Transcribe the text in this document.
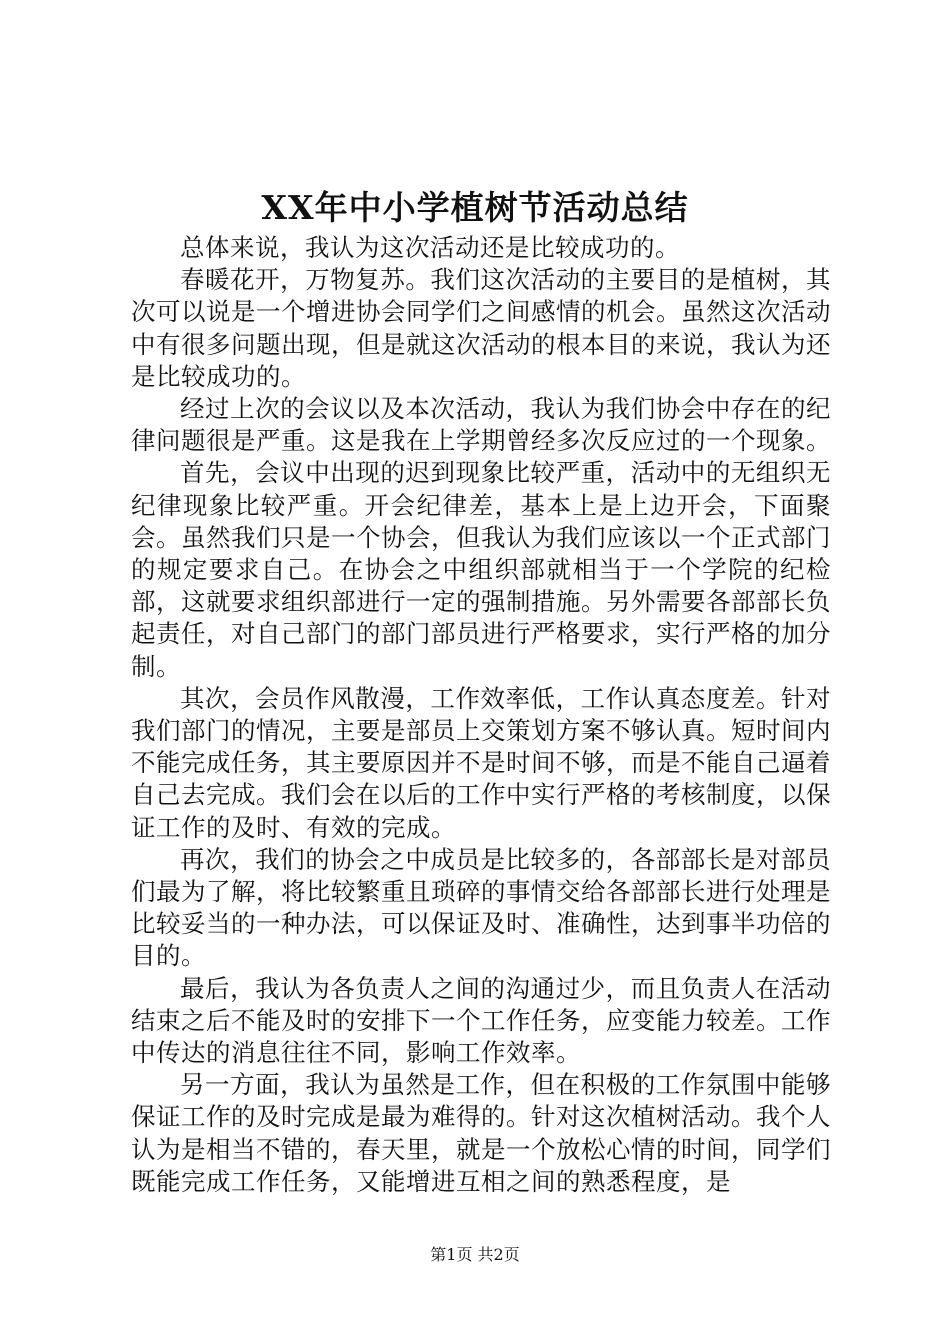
XX年中小学植树节活动总结

总体来说，我认为这次活动还是比较成功的。

春暖花开，万物复苏。我们这次活动的主要目的是植树，其次可以说是一个增进协会同学们之间感情的机会。虽然这次活动中有很多问题出现，但是就这次活动的根本目的来说，我认为还是比较成功的。

经过上次的会议以及本次活动，我认为我们协会中存在的纪律问题很是严重。这是我在上学期曾经多次反应过的一个现象。

首先，会议中出现的迟到现象比较严重，活动中的无组织无纪律现象比较严重。开会纪律差，基本上是上边开会，下面聚会。虽然我们只是一个协会，但我认为我们应该以一个正式部门的规定要求自己。在协会之中组织部就相当于一个学院的纪检部，这就要求组织部进行一定的强制措施。另外需要各部部长负起责任，对自己部门的部门部员进行严格要求，实行严格的加分制。

其次，会员作风散漫，工作效率低，工作认真态度差。针对我们部门的情况，主要是部员上交策划方案不够认真。短时间内不能完成任务，其主要原因并不是时间不够，而是不能自己逼着自己去完成。我们会在以后的工作中实行严格的考核制度，以保证工作的及时、有效的完成。

再次，我们的协会之中成员是比较多的，各部部长是对部员们最为了解，将比较繁重且琐碎的事情交给各部部长进行处理是比较妥当的一种办法，可以保证及时、准确性，达到事半功倍的目的。

最后，我认为各负责人之间的沟通过少，而且负责人在活动结束之后不能及时的安排下一个工作任务，应变能力较差。工作中传达的消息往往不同，影响工作效率。

另一方面，我认为虽然是工作，但在积极的工作氛围中能够保证工作的及时完成是最为难得的。针对这次植树活动。我个人认为是相当不错的，春天里，就是一个放松心情的时间，同学们既能完成工作任务，又能增进互相之间的熟悉程度，是

第1页 共2页
